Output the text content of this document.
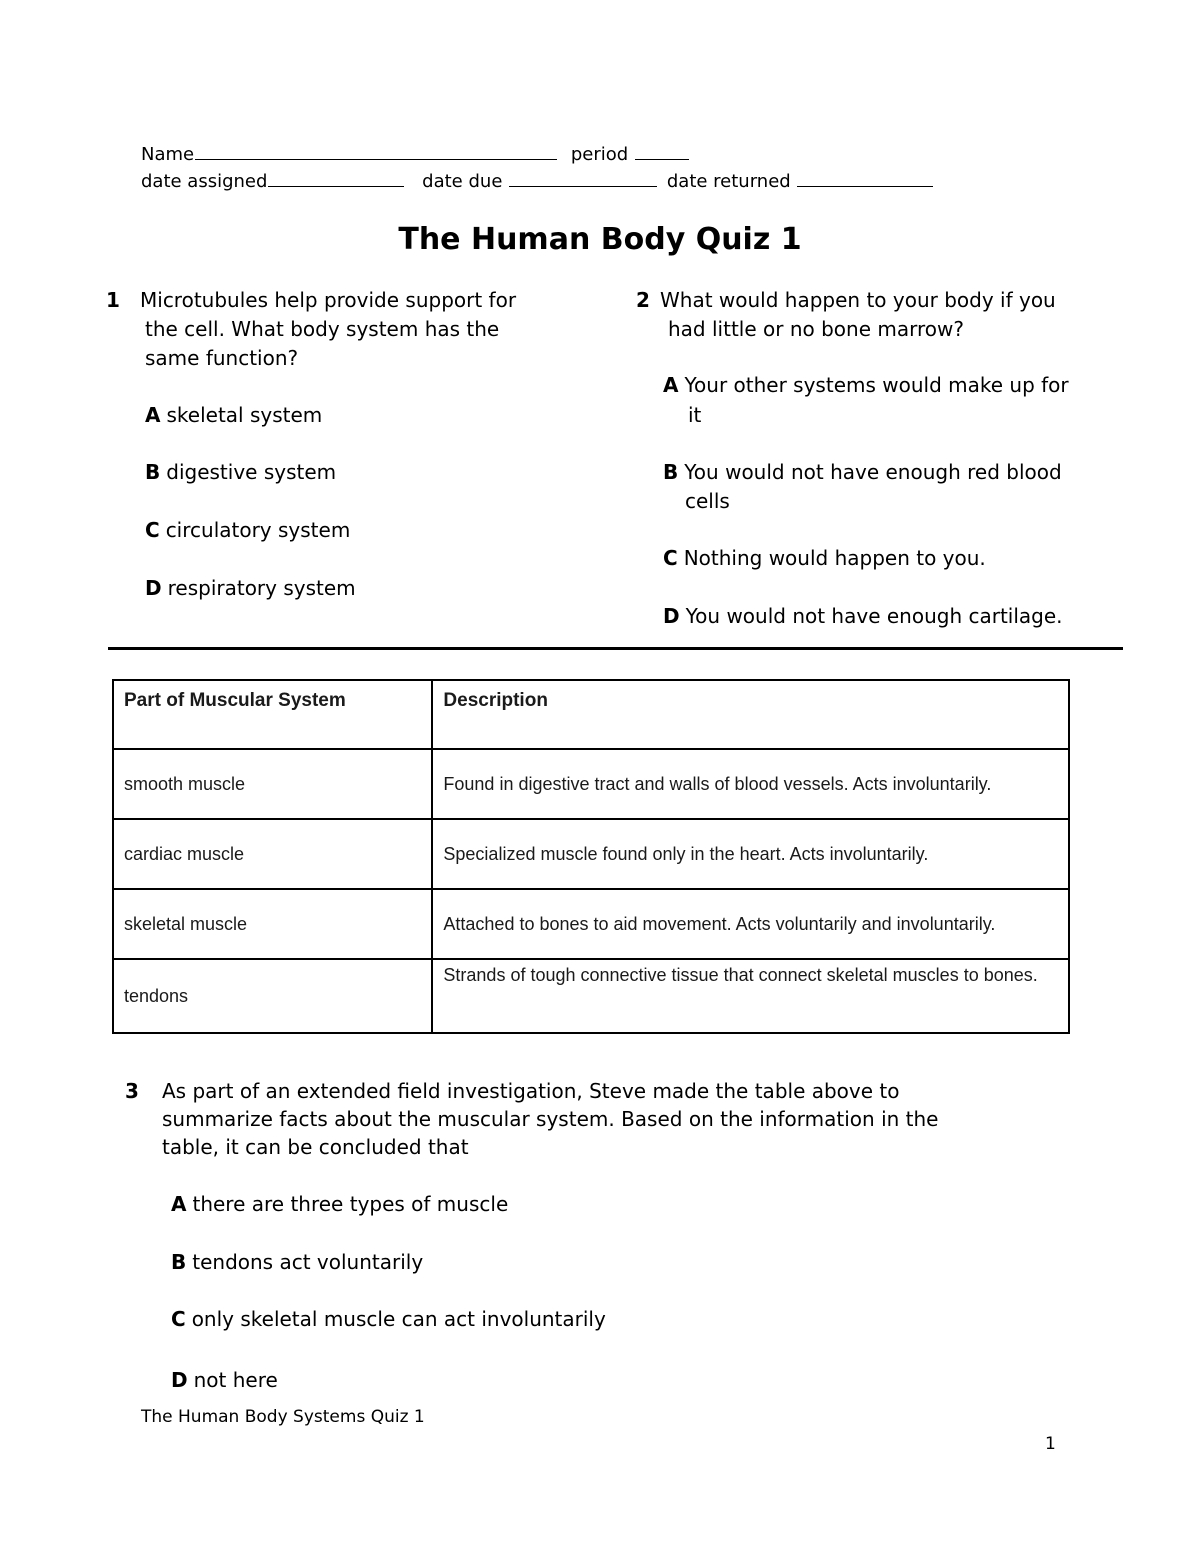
Name	period
date assigned	date due	date returned
The Human Body Quiz 1
1 Microtubules help provide support for
the cell. What body system has the
same function?
A skeletal system
B digestive system
C circulatory system
D respiratory system
2 What would happen to your body if you
had little or no bone marrow?
A Your other systems would make up for
it
B You would not have enough red blood
cells
C Nothing would happen to you.
D You would not have enough cartilage.
Part of Muscular System	Description
smooth muscle	Found in digestive tract and walls of blood vessels. Acts involuntarily.
cardiac muscle	Specialized muscle found only in the heart. Acts involuntarily.
skeletal muscle	Attached to bones to aid movement. Acts voluntarily and involuntarily.
tendons	Strands of tough connective tissue that connect skeletal muscles to bones.
3 As part of an extended field investigation, Steve made the table above to
summarize facts about the muscular system. Based on the information in the
table, it can be concluded that
A there are three types of muscle
B tendons act voluntarily
C only skeletal muscle can act involuntarily
D not here
The Human Body Systems Quiz 1
1
